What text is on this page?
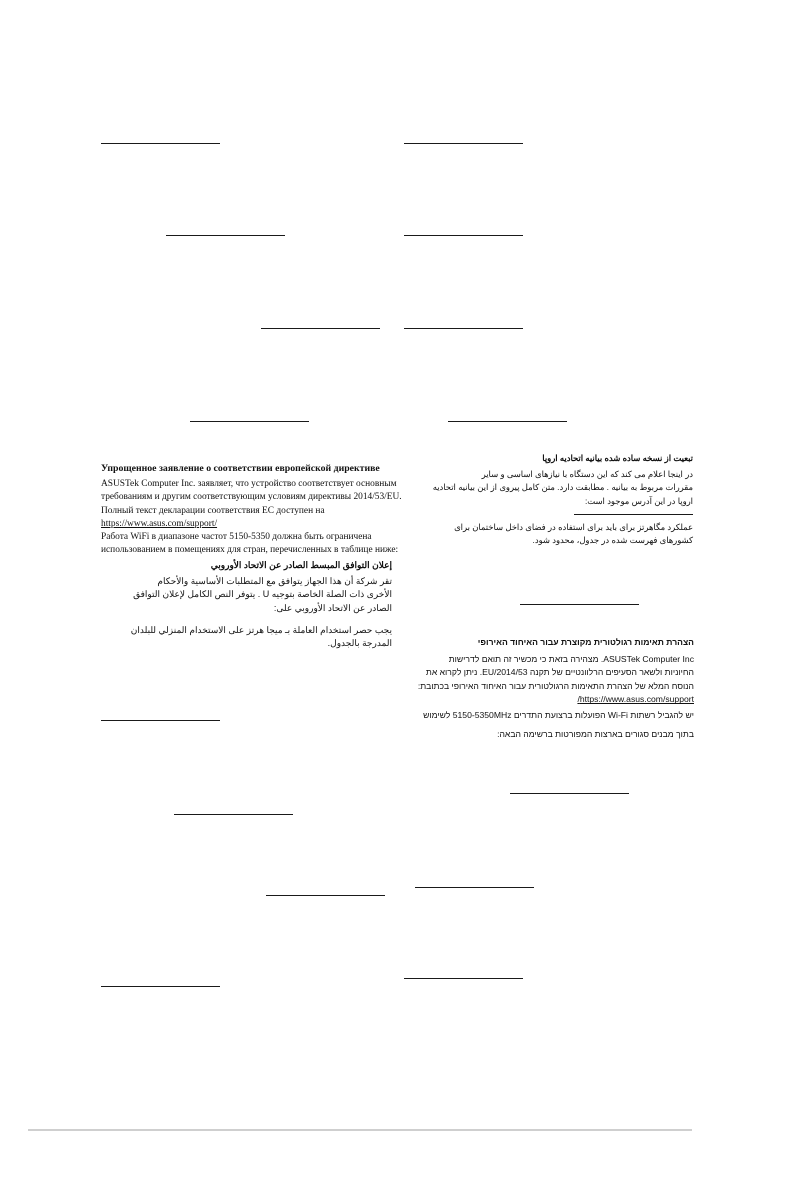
Упрощенное заявление о соответствии европейской директиве
ASUSTek Computer Inc. заявляет, что устройство соответствует основным
требованиям и другим соответствующим условиям директивы 2014/53/EU.
Полный текст декларации соответствия ЕС доступен на
https://www.asus.com/support/
Работа WiFi в диапазоне частот 5150-5350 должна быть ограничена
использованием в помещениях для стран, перечисленных в таблице ниже:
إعلان التوافق المبسط الصادر عن الاتحاد الأوروبي
تقر شركة أن هذا الجهاز يتوافق مع المتطلبات الأساسية والأحكام
الأخرى ذات الصلة الخاصة بتوجيه U . يتوفر النص الكامل لإعلان التوافق
الصادر عن الاتحاد الأوروبي على:
يجب حصر استخدام العاملة بـ ميجا هرتز على الاستخدام المنزلي للبلدان
المدرجة بالجدول.
تبعیت از نسخه ساده شده بیانیه اتحادیه اروپا
در اینجا اعلام می کند که این دستگاه با نیازهای اساسی و سایر
مقررات مربوط به بیانیه . مطابقت دارد. متن کامل پیروی از این بیانیه اتحادیه
اروپا در این آدرس موجود است:
عملکرد مگاهرتز برای باید برای استفاده در فضای داخل ساختمان برای
کشورهای فهرست شده در جدول، محدود شود.
הצהרת תאימות רגולטורית מקוצרת עבור האיחוד האירופי
ASUSTek Computer Inc. מצהירה בזאת כי מכשיר זה תואם לדרישות
החיוניות ולשאר הסעיפים הרלוונטיים של תקנה 2014/53/EU. ניתן לקרוא את
הנוסח המלא של הצהרת התאימות הרגולטורית עבור האיחוד האירופי בכתובת:
https://www.asus.com/support/
יש להגביל רשתות Wi-Fi הפועלות ברצועת התדרים 5150-5350MHz לשימוש
בתוך מבנים סגורים בארצות המפורטות ברשימה הבאה:
